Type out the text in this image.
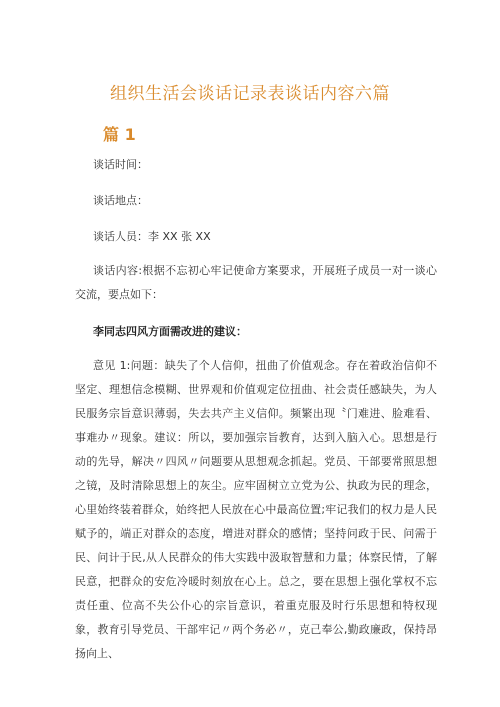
组织生活会谈话记录表谈话内容六篇
篇 1
谈话时间：
谈话地点：
谈话人员：李 XX 张 XX
谈话内容:根据不忘初心牢记使命方案要求，开展班子成员一对一谈心交流，要点如下：
李同志四风方面需改进的建议：
意见 1:问题：缺失了个人信仰，扭曲了价值观念。存在着政治信仰不坚定、理想信念模糊、世界观和价值观定位扭曲、社会责任感缺失，为人民服务宗旨意识薄弱，失去共产主义信仰。频繁出现〝门难进、脸难看、事难办〃现象。建议：所以，要加强宗旨教育，达到入脑入心。思想是行动的先导，解决〃四风〃问题要从思想观念抓起。党员、干部要常照思想之镜，及时清除思想上的灰尘。应牢固树立立党为公、执政为民的理念，心里始终装着群众，始终把人民放在心中最高位置;牢记我们的权力是人民赋予的，端正对群众的态度，增进对群众的感情；坚持问政于民、问需于民、问计于民,从人民群众的伟大实践中汲取智慧和力量；体察民情，了解民意，把群众的安危冷暖时刻放在心上。总之，要在思想上强化掌权不忘责任重、位高不失公仆心的宗旨意识，着重克服及时行乐思想和特权现象，教育引导党员、干部牢记〃两个务必〃，克己奉公,勤政廉政，保持昂扬向上、
